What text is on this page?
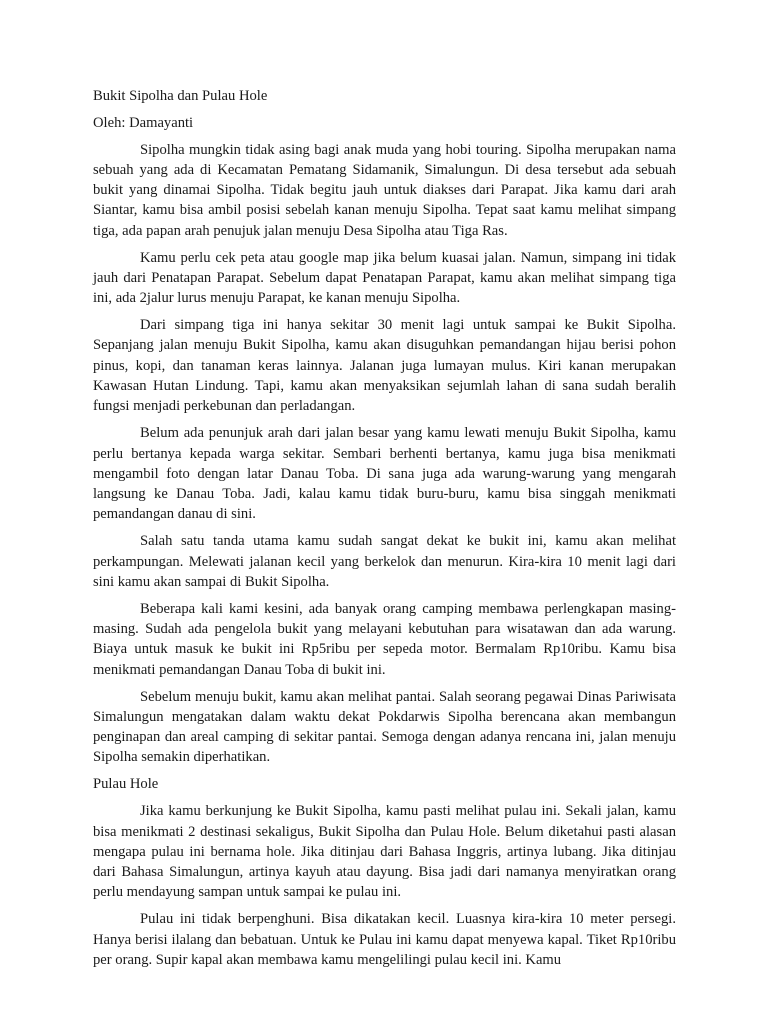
Bukit Sipolha dan Pulau Hole

Oleh: Damayanti

Sipolha mungkin tidak asing bagi anak muda yang hobi touring. Sipolha merupakan nama sebuah yang ada di Kecamatan Pematang Sidamanik, Simalungun. Di desa tersebut ada sebuah bukit yang dinamai Sipolha. Tidak begitu jauh untuk diakses dari Parapat. Jika kamu dari arah Siantar, kamu bisa ambil posisi sebelah kanan menuju Sipolha. Tepat saat kamu melihat simpang tiga, ada papan arah penujuk jalan menuju Desa Sipolha atau Tiga Ras.

Kamu perlu cek peta atau google map jika belum kuasai jalan. Namun, simpang ini tidak jauh dari Penatapan Parapat. Sebelum dapat Penatapan Parapat, kamu akan melihat simpang tiga ini, ada 2jalur lurus menuju Parapat, ke kanan menuju Sipolha.

Dari simpang tiga ini hanya sekitar 30 menit lagi untuk sampai ke Bukit Sipolha. Sepanjang jalan menuju Bukit Sipolha, kamu akan disuguhkan pemandangan hijau berisi pohon pinus, kopi, dan tanaman keras lainnya. Jalanan juga lumayan mulus. Kiri kanan merupakan Kawasan Hutan Lindung. Tapi, kamu akan menyaksikan sejumlah lahan di sana sudah beralih fungsi menjadi perkebunan dan perladangan.

Belum ada penunjuk arah dari jalan besar yang kamu lewati menuju Bukit Sipolha, kamu perlu bertanya kepada warga sekitar. Sembari berhenti bertanya, kamu juga bisa menikmati mengambil foto dengan latar Danau Toba. Di sana juga ada warung-warung yang mengarah langsung ke Danau Toba. Jadi, kalau kamu tidak buru-buru, kamu bisa singgah menikmati pemandangan danau di sini.

Salah satu tanda utama kamu sudah sangat dekat ke bukit ini, kamu akan melihat perkampungan. Melewati jalanan kecil yang berkelok dan menurun. Kira-kira 10 menit lagi dari sini kamu akan sampai di Bukit Sipolha.

Beberapa kali kami kesini, ada banyak orang camping membawa perlengkapan masing-masing. Sudah ada pengelola bukit yang melayani kebutuhan para wisatawan dan ada warung. Biaya untuk masuk ke bukit ini Rp5ribu per sepeda motor. Bermalam Rp10ribu. Kamu bisa menikmati pemandangan Danau Toba di bukit ini.

Sebelum menuju bukit, kamu akan melihat pantai. Salah seorang pegawai Dinas Pariwisata Simalungun mengatakan dalam waktu dekat Pokdarwis Sipolha berencana akan membangun penginapan dan areal camping di sekitar pantai. Semoga dengan adanya rencana ini, jalan menuju Sipolha semakin diperhatikan.

Pulau Hole

Jika kamu berkunjung ke Bukit Sipolha, kamu pasti melihat pulau ini. Sekali jalan, kamu bisa menikmati 2 destinasi sekaligus, Bukit Sipolha dan Pulau Hole. Belum diketahui pasti alasan mengapa pulau ini bernama hole. Jika ditinjau dari Bahasa Inggris, artinya lubang. Jika ditinjau dari Bahasa Simalungun, artinya kayuh atau dayung. Bisa jadi dari namanya menyiratkan orang perlu mendayung sampan untuk sampai ke pulau ini.

Pulau ini tidak berpenghuni. Bisa dikatakan kecil. Luasnya kira-kira 10 meter persegi. Hanya berisi ilalang dan bebatuan. Untuk ke Pulau ini kamu dapat menyewa kapal. Tiket Rp10ribu per orang. Supir kapal akan membawa kamu mengelilingi pulau kecil ini. Kamu
